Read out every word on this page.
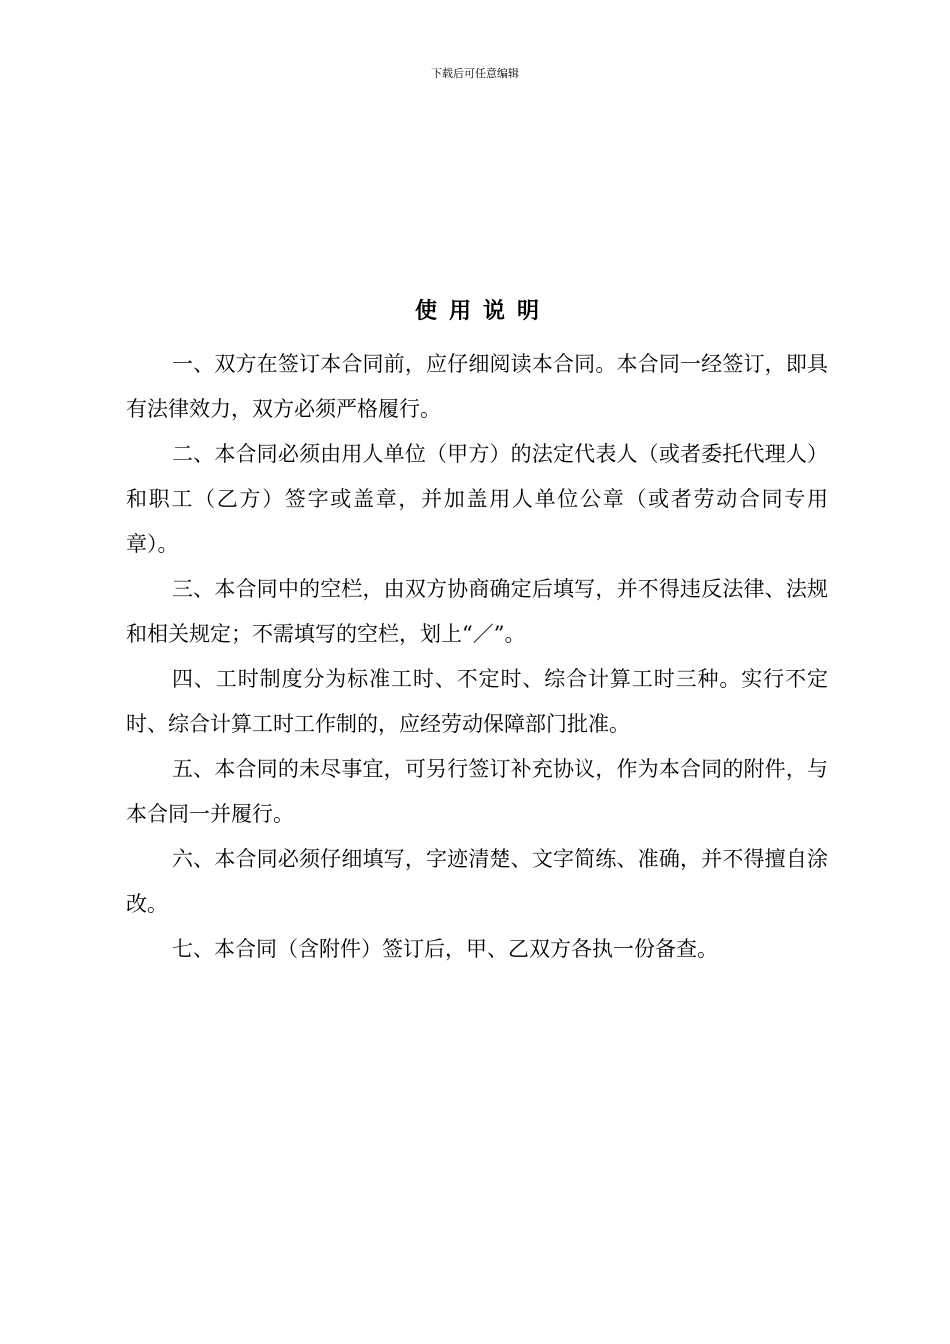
下载后可任意编辑
使用说明

一、双方在签订本合同前，应仔细阅读本合同。本合同一经签订，即具有法律效力，双方必须严格履行。

二、本合同必须由用人单位（甲方）的法定代表人（或者委托代理人）和职工（乙方）签字或盖章，并加盖用人单位公章（或者劳动合同专用章）。

三、本合同中的空栏，由双方协商确定后填写，并不得违反法律、法规和相关规定；不需填写的空栏，划上“／”。

四、工时制度分为标准工时、不定时、综合计算工时三种。实行不定时、综合计算工时工作制的，应经劳动保障部门批准。

五、本合同的未尽事宜，可另行签订补充协议，作为本合同的附件，与本合同一并履行。

六、本合同必须仔细填写，字迹清楚、文字简练、准确，并不得擅自涂改。

七、本合同（含附件）签订后，甲、乙双方各执一份备查。
